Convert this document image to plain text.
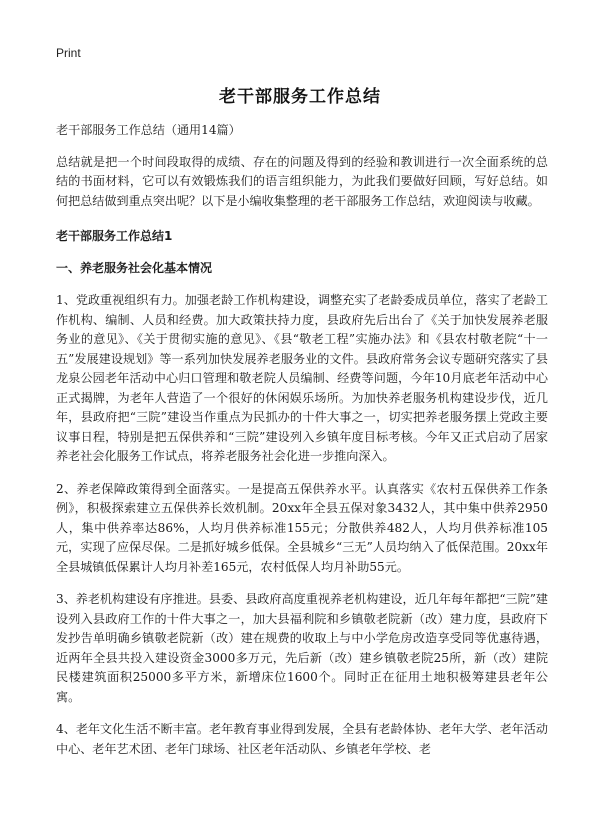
Print
老干部服务工作总结

老干部服务工作总结（通用14篇）

总结就是把一个时间段取得的成绩、存在的问题及得到的经验和教训进行一次全面系统的总结的书面材料，它可以有效锻炼我们的语言组织能力，为此我们要做好回顾，写好总结。如何把总结做到重点突出呢？以下是小编收集整理的老干部服务工作总结，欢迎阅读与收藏。

老干部服务工作总结1

一、养老服务社会化基本情况

1、党政重视组织有力。加强老龄工作机构建设，调整充实了老龄委成员单位，落实了老龄工作机构、编制、人员和经费。加大政策扶持力度，县政府先后出台了《关于加快发展养老服务业的意见》、《关于贯彻实施的意见》、《县“敬老工程”实施办法》和《县农村敬老院“十一五”发展建设规划》等一系列加快发展养老服务业的文件。县政府常务会议专题研究落实了县龙泉公园老年活动中心归口管理和敬老院人员编制、经费等问题，今年10月底老年活动中心正式揭牌，为老年人营造了一个很好的休闲娱乐场所。为加快养老服务机构建设步伐，近几年，县政府把“三院”建设当作重点为民抓办的十件大事之一，切实把养老服务摆上党政主要议事日程，特别是把五保供养和“三院”建设列入乡镇年度目标考核。今年又正式启动了居家养老社会化服务工作试点，将养老服务社会化进一步推向深入。

2、养老保障政策得到全面落实。一是提高五保供养水平。认真落实《农村五保供养工作条例》，积极探索建立五保供养长效机制。20xx年全县五保对象3432人，其中集中供养2950人，集中供养率达86%，人均月供养标准155元；分散供养482人，人均月供养标准105元，实现了应保尽保。二是抓好城乡低保。全县城乡“三无”人员均纳入了低保范围。20xx年全县城镇低保累计人均月补差165元，农村低保人均月补助55元。

3、养老机构建设有序推进。县委、县政府高度重视养老机构建设，近几年每年都把“三院”建设列入县政府工作的十件大事之一，加大县福利院和乡镇敬老院新（改）建力度，县政府下发抄告单明确乡镇敬老院新（改）建在规费的收取上与中小学危房改造享受同等优惠待遇，近两年全县共投入建设资金3000多万元，先后新（改）建乡镇敬老院25所，新（改）建院民楼建筑面积25000多平方米，新增床位1600个。同时正在征用土地积极筹建县老年公寓。

4、老年文化生活不断丰富。老年教育事业得到发展，全县有老龄体协、老年大学、老年活动中心、老年艺术团、老年门球场、社区老年活动队、乡镇老年学校、老
